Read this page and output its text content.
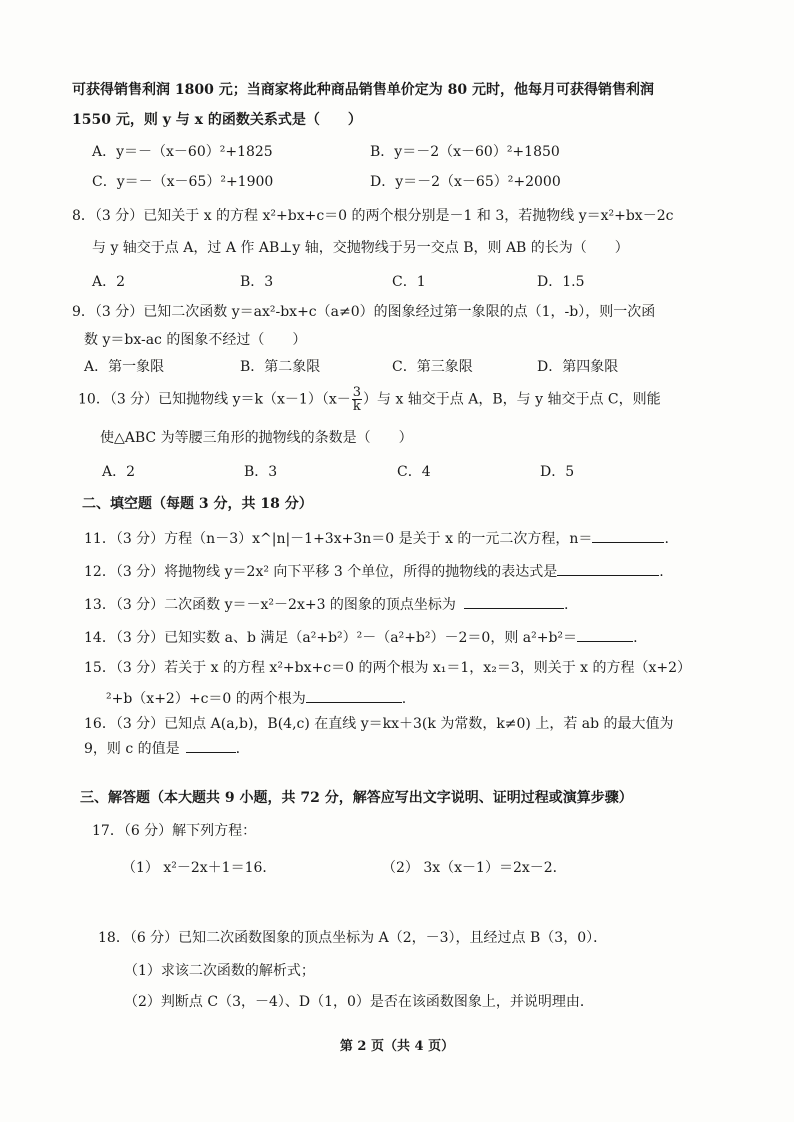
可获得销售利润 1800 元；当商家将此种商品销售单价定为 80 元时，他每月可获得销售利润
1550 元，则 y 与 x 的函数关系式是（　　）
A．y＝－（x－60）²+1825	B．y＝－2（x－60）²+1850
C．y＝－（x－65）²+1900	D．y＝－2（x－65）²+2000
8．（3 分）已知关于 x 的方程 x²+bx+c＝0 的两个根分别是－1 和 3，若抛物线 y＝x²+bx－2c
与 y 轴交于点 A，过 A 作 AB⊥y 轴，交抛物线于另一交点 B，则 AB 的长为（　　）
A．2	B．3	C．1	D．1.5
9．（3 分）已知二次函数 y＝ax²-bx+c（a≠0）的图象经过第一象限的点（1，-b），则一次函
数 y＝bx-ac 的图象不经过（　　）
A．第一象限	B．第二象限	C．第三象限	D．第四象限
10．（3 分）已知抛物线 $y=k(x-1)(x- \frac{3}{k}$ ）与 x 轴交于点 A，B，与 y 轴交于点 C，则能
使△ABC 为等腰三角形的抛物线的条数是（　　）
A．2	B．3	C．4	D．5
二、填空题（每题 3 分，共 18 分）
11．（3 分）方程（n－3）x^|n|－1+3x+3n＝0 是关于 x 的一元二次方程，n＝	.
12．（3 分）将抛物线 y＝2x² 向下平移 3 个单位，所得的抛物线的表达式是	.
13．（3 分）二次函数 y＝－x²－2x+3 的图象的顶点坐标为	.
14．（3 分）已知实数 a、b 满足（a²+b²）²－（a²+b²）－2＝0，则 a²+b²＝	.
15．（3 分）若关于 x 的方程 x²+bx+c＝0 的两个根为 x₁＝1，x₂＝3，则关于 x 的方程（x+2）
²+b（x+2）+c＝0 的两个根为	.
16．（3 分）已知点 A(a,b)，B(4,c) 在直线 y＝kx＋3(k 为常数，k≠0) 上，若 ab 的最大值为
9，则 c 的值是	.
三、解答题（本大题共 9 小题，共 72 分，解答应写出文字说明、证明过程或演算步骤）
17．（6 分）解下列方程：
（1） x²－2x＋1＝16．	（2） 3x（x－1）＝2x－2．
18．（6 分）已知二次函数图象的顶点坐标为 A（2，－3），且经过点 B（3，0）．
（1）求该二次函数的解析式；
（2）判断点 C（3，－4）、D（1，0）是否在该函数图象上，并说明理由．
第 2 页（共 4 页）
